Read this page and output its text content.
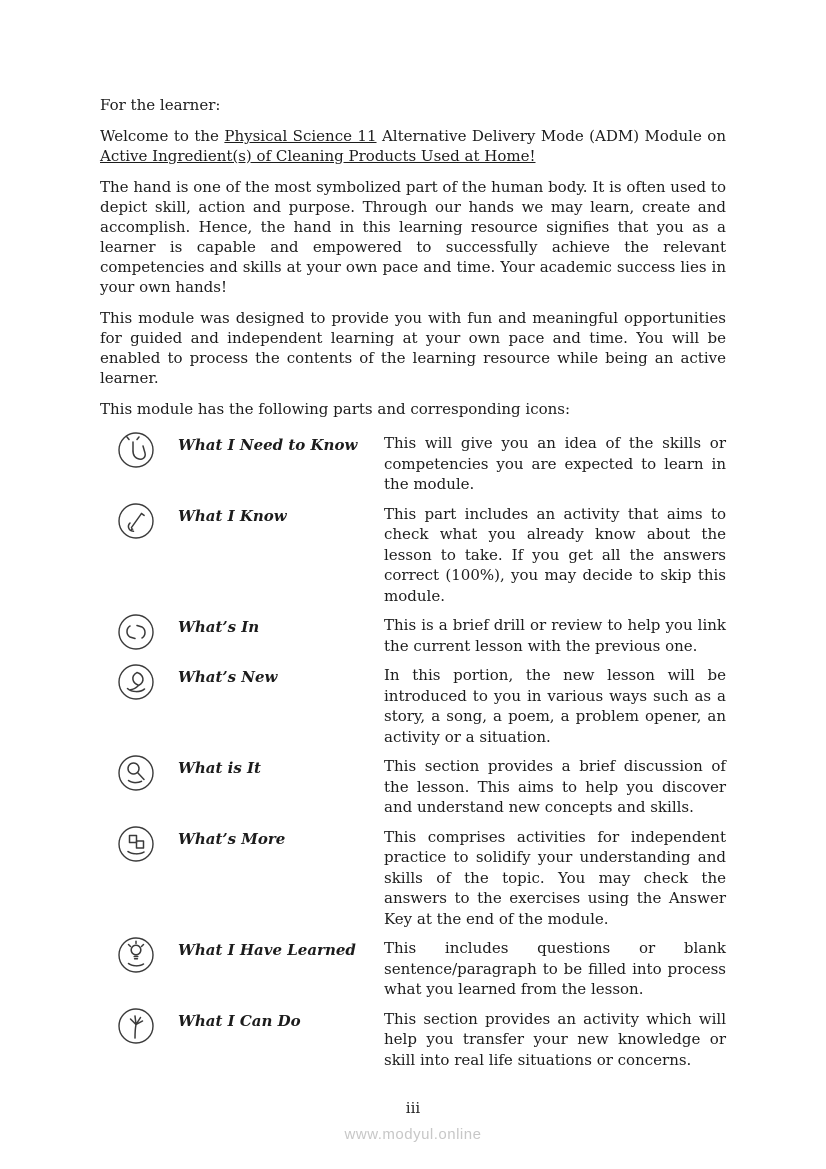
For the learner:

Welcome to the Physical Science 11 Alternative Delivery Mode (ADM) Module on Active Ingredient(s) of Cleaning Products Used at Home!

The hand is one of the most symbolized part of the human body. It is often used to depict skill, action and purpose. Through our hands we may learn, create and accomplish. Hence, the hand in this learning resource signifies that you as a learner is capable and empowered to successfully achieve the relevant competencies and skills at your own pace and time. Your academic success lies in your own hands!

This module was designed to provide you with fun and meaningful opportunities for guided and independent learning at your own pace and time. You will be enabled to process the contents of the learning resource while being an active learner.

This module has the following parts and corresponding icons:

What I Need to Know	This will give you an idea of the skills or competencies you are expected to learn in the module.
What I Know	This part includes an activity that aims to check what you already know about the lesson to take. If you get all the answers correct (100%), you may decide to skip this module.
What’s In	This is a brief drill or review to help you link the current lesson with the previous one.
What’s New	In this portion, the new lesson will be introduced to you in various ways such as a story, a song, a poem, a problem opener, an activity or a situation.
What is It	This section provides a brief discussion of the lesson. This aims to help you discover and understand new concepts and skills.
What’s More	This comprises activities for independent practice to solidify your understanding and skills of the topic. You may check the answers to the exercises using the Answer Key at the end of the module.
What I Have Learned	This includes questions or blank sentence/paragraph to be filled into process what you learned from the lesson.
What I Can Do	This section provides an activity which will help you transfer your new knowledge or skill into real life situations or concerns.
iii
www.modyul.online
